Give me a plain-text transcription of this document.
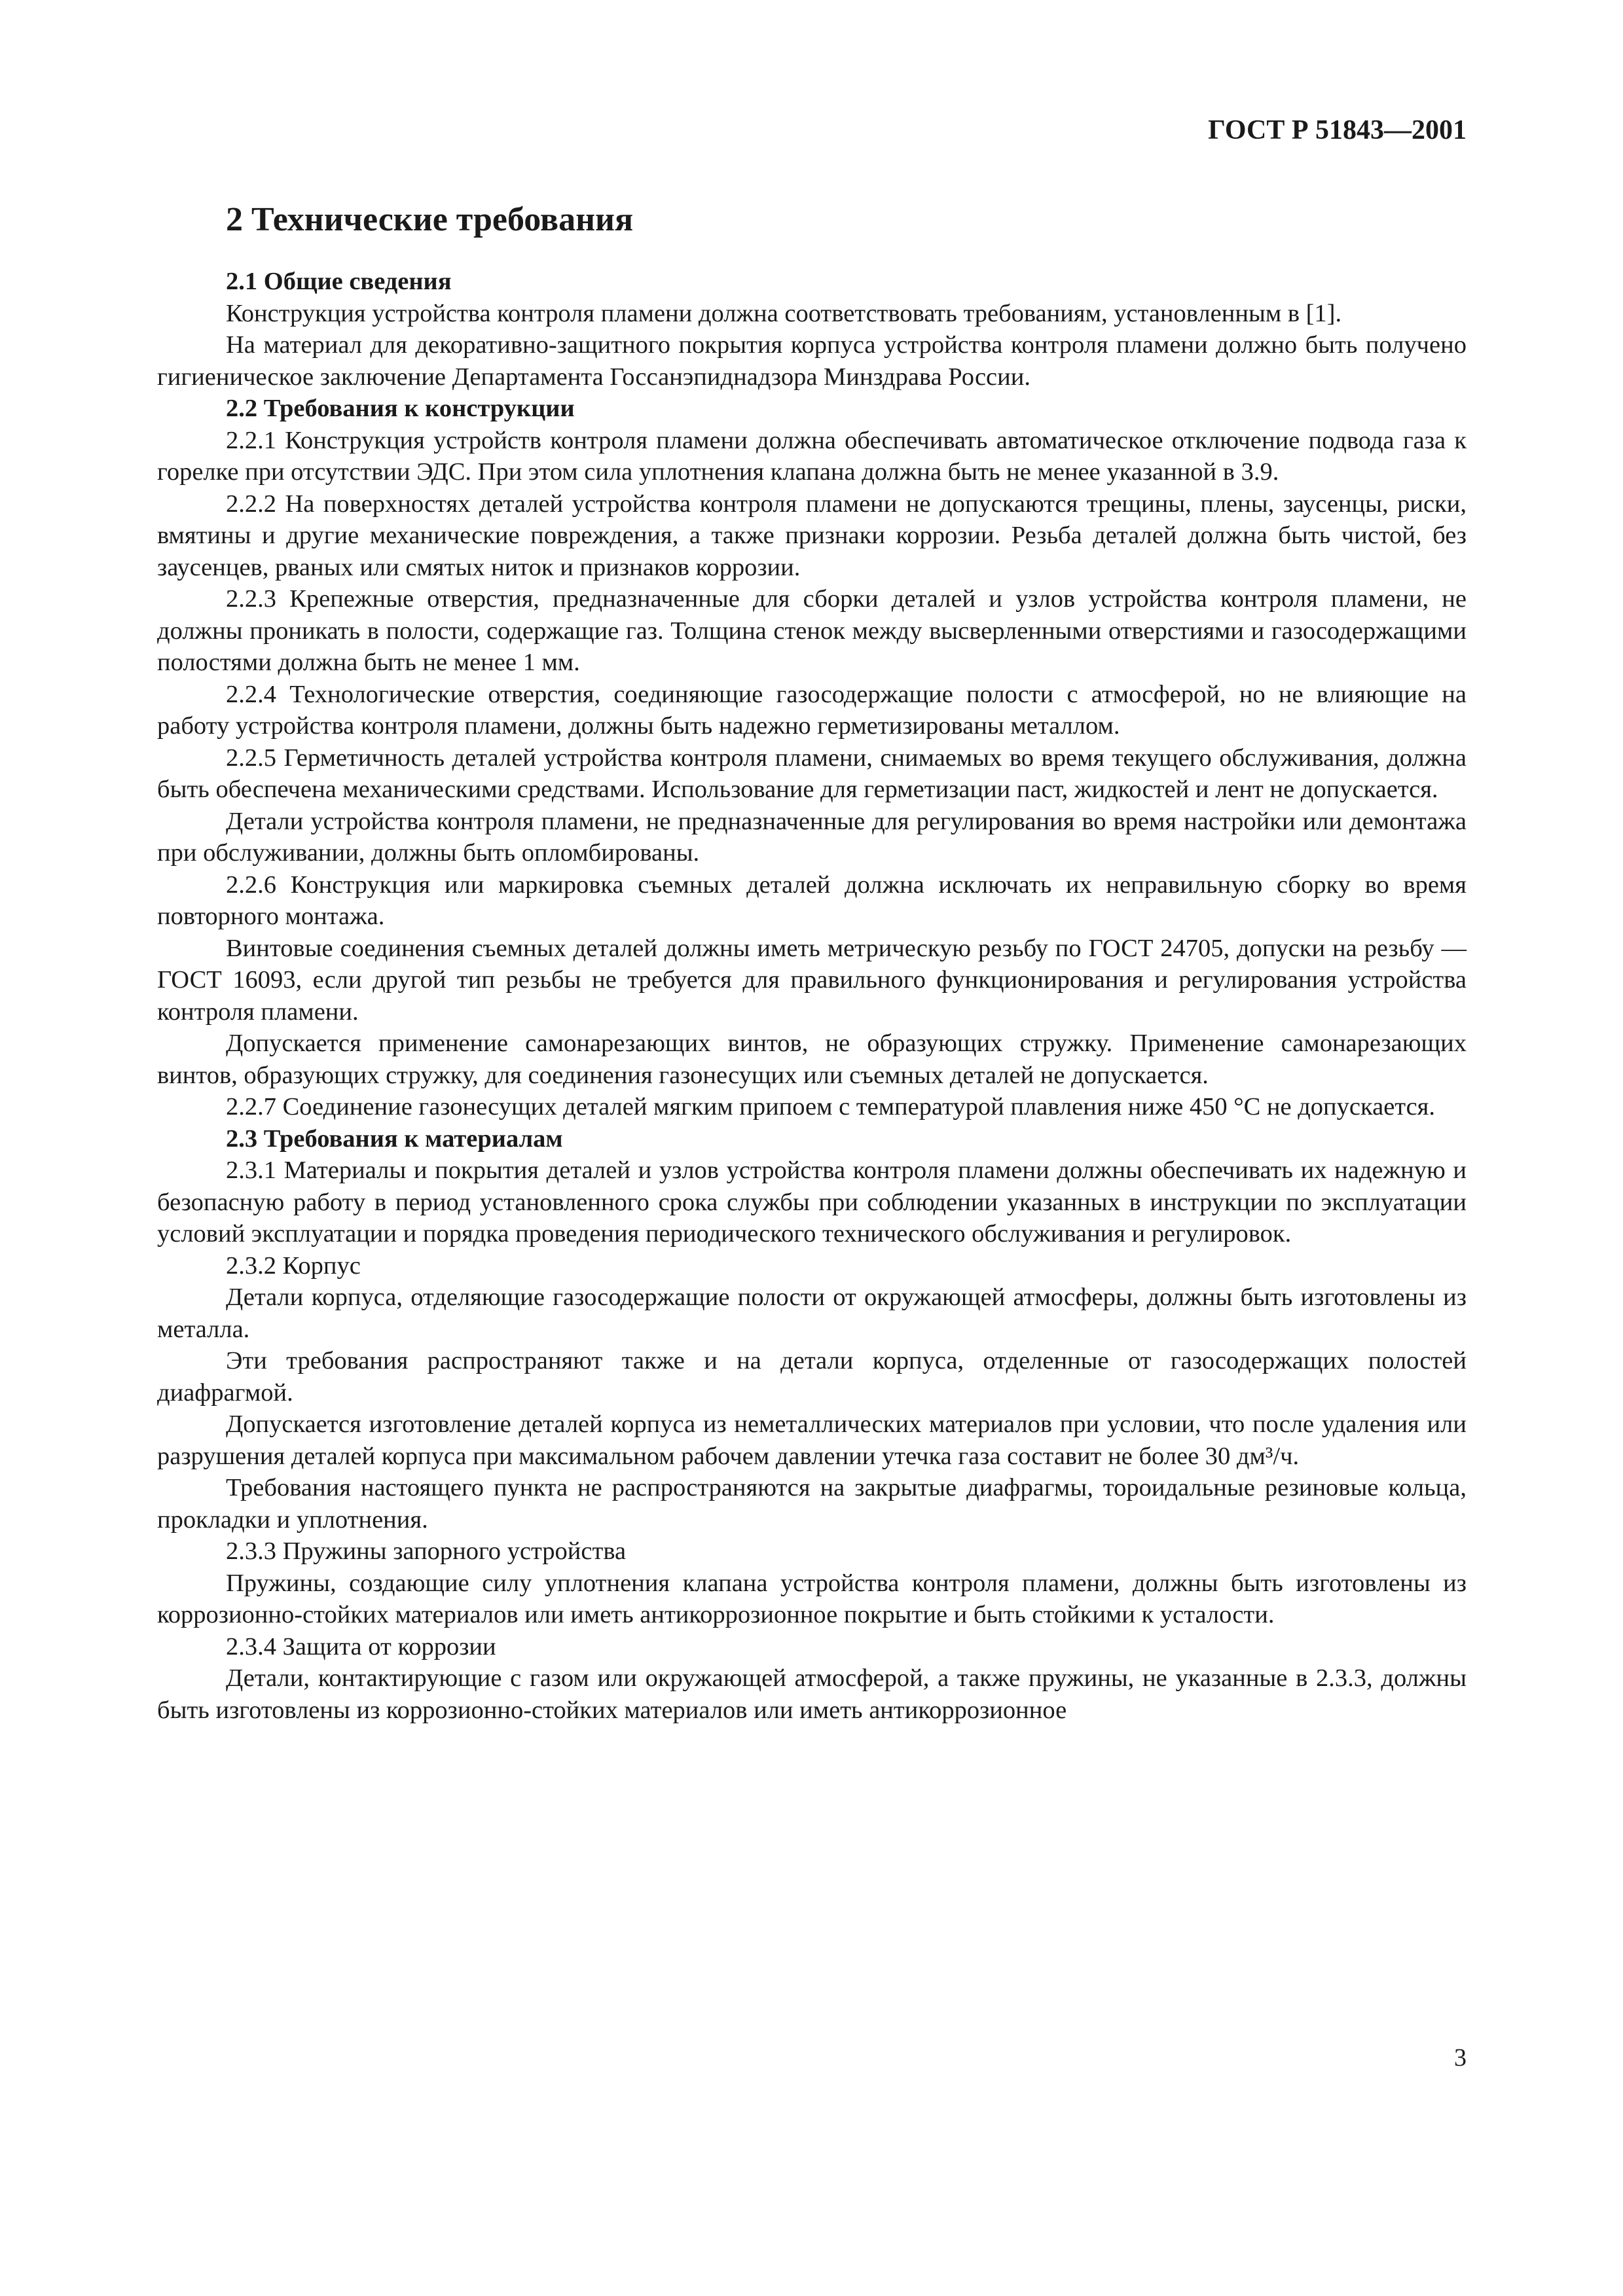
ГОСТ Р 51843—2001
2 Технические требования
2.1 Общие сведения
Конструкция устройства контроля пламени должна соответствовать требованиям, установленным в [1].
На материал для декоративно-защитного покрытия корпуса устройства контроля пламени должно быть получено гигиеническое заключение Департамента Госсанэпиднадзора Минздрава России.
2.2 Требования к конструкции
2.2.1 Конструкция устройств контроля пламени должна обеспечивать автоматическое отключение подвода газа к горелке при отсутствии ЭДС. При этом сила уплотнения клапана должна быть не менее указанной в 3.9.
2.2.2 На поверхностях деталей устройства контроля пламени не допускаются трещины, плены, заусенцы, риски, вмятины и другие механические повреждения, а также признаки коррозии. Резьба деталей должна быть чистой, без заусенцев, рваных или смятых ниток и признаков коррозии.
2.2.3 Крепежные отверстия, предназначенные для сборки деталей и узлов устройства контроля пламени, не должны проникать в полости, содержащие газ. Толщина стенок между высверленными отверстиями и газосодержащими полостями должна быть не менее 1 мм.
2.2.4 Технологические отверстия, соединяющие газосодержащие полости с атмосферой, но не влияющие на работу устройства контроля пламени, должны быть надежно герметизированы металлом.
2.2.5 Герметичность деталей устройства контроля пламени, снимаемых во время текущего обслуживания, должна быть обеспечена механическими средствами. Использование для герметизации паст, жидкостей и лент не допускается.
Детали устройства контроля пламени, не предназначенные для регулирования во время настройки или демонтажа при обслуживании, должны быть опломбированы.
2.2.6 Конструкция или маркировка съемных деталей должна исключать их неправильную сборку во время повторного монтажа.
Винтовые соединения съемных деталей должны иметь метрическую резьбу по ГОСТ 24705, допуски на резьбу — ГОСТ 16093, если другой тип резьбы не требуется для правильного функционирования и регулирования устройства контроля пламени.
Допускается применение самонарезающих винтов, не образующих стружку. Применение самонарезающих винтов, образующих стружку, для соединения газонесущих или съемных деталей не допускается.
2.2.7 Соединение газонесущих деталей мягким припоем с температурой плавления ниже 450 °С не допускается.
2.3 Требования к материалам
2.3.1 Материалы и покрытия деталей и узлов устройства контроля пламени должны обеспечивать их надежную и безопасную работу в период установленного срока службы при соблюдении указанных в инструкции по эксплуатации условий эксплуатации и порядка проведения периодического технического обслуживания и регулировок.
2.3.2 Корпус
Детали корпуса, отделяющие газосодержащие полости от окружающей атмосферы, должны быть изготовлены из металла.
Эти требования распространяют также и на детали корпуса, отделенные от газосодержащих полостей диафрагмой.
Допускается изготовление деталей корпуса из неметаллических материалов при условии, что после удаления или разрушения деталей корпуса при максимальном рабочем давлении утечка газа составит не более 30 дм³/ч.
Требования настоящего пункта не распространяются на закрытые диафрагмы, тороидальные резиновые кольца, прокладки и уплотнения.
2.3.3 Пружины запорного устройства
Пружины, создающие силу уплотнения клапана устройства контроля пламени, должны быть изготовлены из коррозионно-стойких материалов или иметь антикоррозионное покрытие и быть стойкими к усталости.
2.3.4 Защита от коррозии
Детали, контактирующие с газом или окружающей атмосферой, а также пружины, не указанные в 2.3.3, должны быть изготовлены из коррозионно-стойких материалов или иметь антикоррозионное
3
